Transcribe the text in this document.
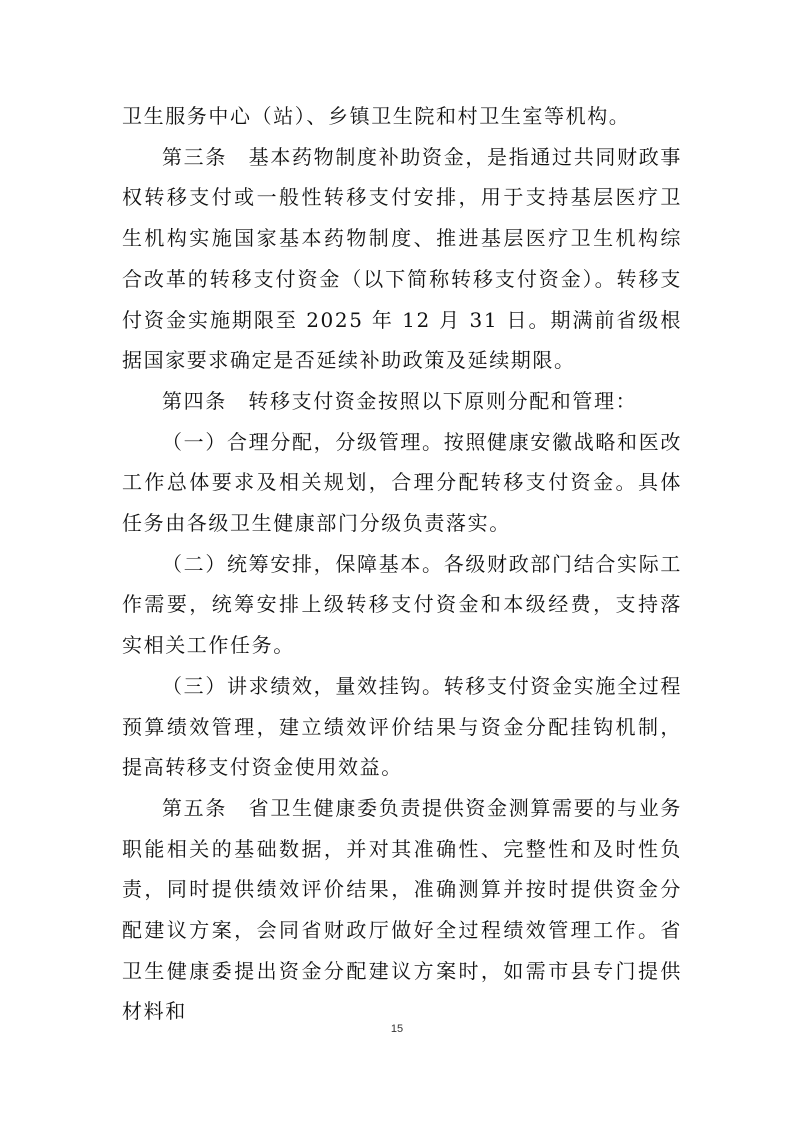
卫生服务中心（站）、乡镇卫生院和村卫生室等机构。

第三条　基本药物制度补助资金，是指通过共同财政事权转移支付或一般性转移支付安排，用于支持基层医疗卫生机构实施国家基本药物制度、推进基层医疗卫生机构综合改革的转移支付资金（以下简称转移支付资金）。转移支付资金实施期限至 2025 年 12 月 31 日。期满前省级根据国家要求确定是否延续补助政策及延续期限。

第四条　转移支付资金按照以下原则分配和管理：

（一）合理分配，分级管理。按照健康安徽战略和医改工作总体要求及相关规划，合理分配转移支付资金。具体任务由各级卫生健康部门分级负责落实。

（二）统筹安排，保障基本。各级财政部门结合实际工作需要，统筹安排上级转移支付资金和本级经费，支持落实相关工作任务。

（三）讲求绩效，量效挂钩。转移支付资金实施全过程预算绩效管理，建立绩效评价结果与资金分配挂钩机制，提高转移支付资金使用效益。

第五条　省卫生健康委负责提供资金测算需要的与业务职能相关的基础数据，并对其准确性、完整性和及时性负责，同时提供绩效评价结果，准确测算并按时提供资金分配建议方案，会同省财政厅做好全过程绩效管理工作。省卫生健康委提出资金分配建议方案时，如需市县专门提供材料和

15
